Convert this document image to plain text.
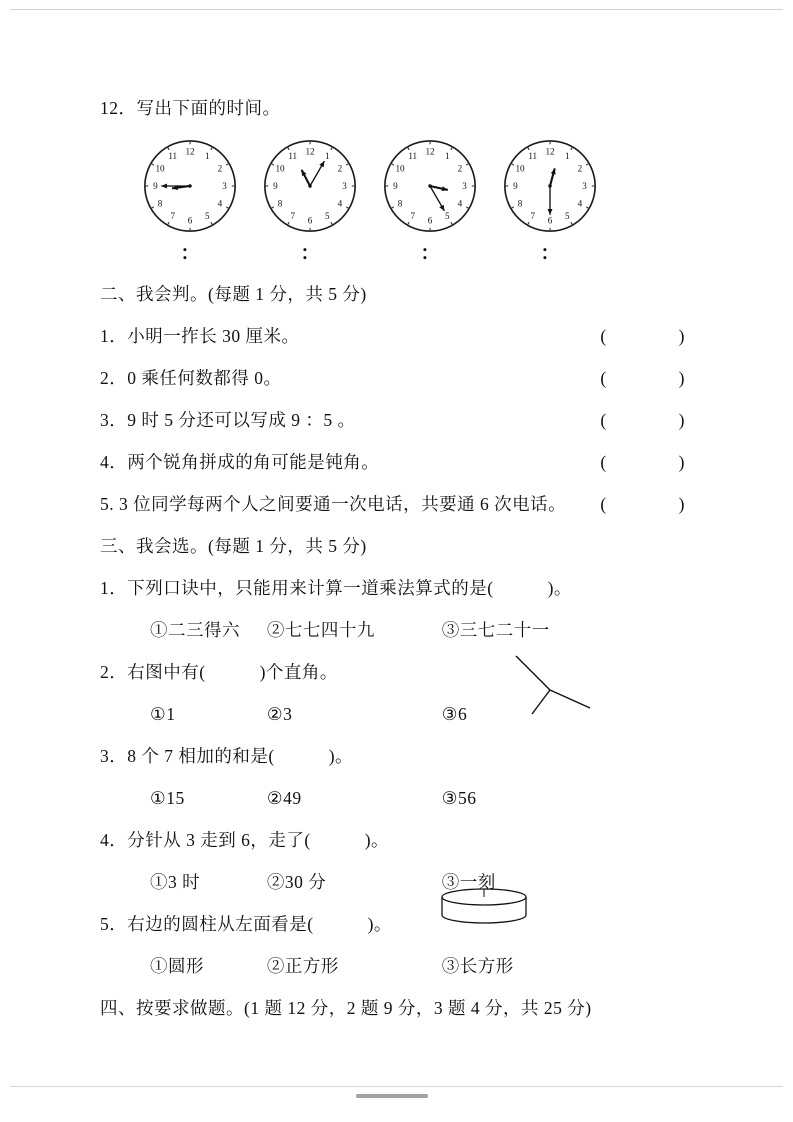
12．写出下面的时间。
1
2
3
4
5
6
7
8
9
10
11 12
：
1
2
3
4
5
6
7
8
9
10
11 12
：
1
2
3
4
5
6
7
8
9
10
11 12
：
1
2
3
4
5
6
7
8
9
10
11 12
：
二、我会判。(每题 1 分，共 5 分)
1．小明一拃长 30 厘米。	(　　　　)
2．0 乘任何数都得 0。	(　　　　)
3．9 时 5 分还可以写成 9 ：5 。	(　　　　)
4．两个锐角拼成的角可能是钝角。	(　　　　)
5. 3 位同学每两个人之间要通一次电话，共要通 6 次电话。 (　　　　)
三、我会选。(每题 1 分，共 5 分)
1．下列口诀中，只能用来计算一道乘法算式的是(　　　)。
①二三得六 ②七七四十九	③三七二十一
2．右图中有(　　　)个直角。
①1	②3	③6
3．8 个 7 相加的和是(　　　)。
①15	②49	③56
4．分针从 3 走到 6，走了(　　　)。
①3 时	②30 分	③一刻
5．右边的圆柱从左面看是(　　　)。
①圆形	②正方形	③长方形
四、按要求做题。(1 题 12 分，2 题 9 分，3 题 4 分，共 25 分)
